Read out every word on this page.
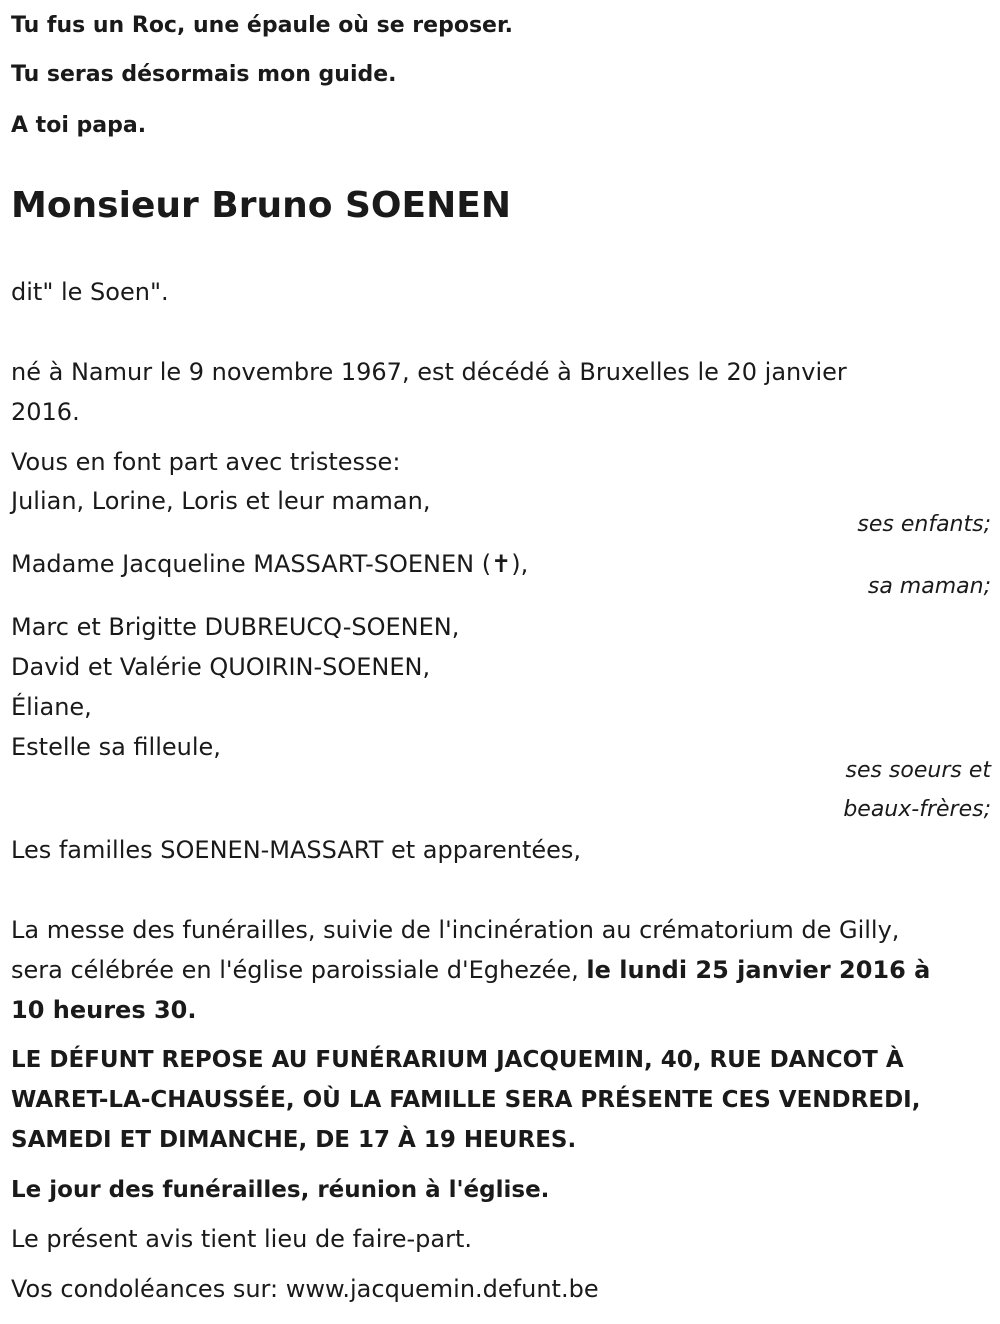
Tu fus un Roc, une épaule où se reposer.

Tu seras désormais mon guide.

A toi papa.

Monsieur Bruno SOENEN

dit" le Soen".

né à Namur le 9 novembre 1967, est décédé à Bruxelles le 20 janvier

2016.

Vous en font part avec tristesse:

Julian, Lorine, Loris et leur maman,

ses enfants;

Madame Jacqueline MASSART-SOENEN (✝),

sa maman;

Marc et Brigitte DUBREUCQ-SOENEN,

David et Valérie QUOIRIN-SOENEN,

Éliane,

Estelle sa filleule,

ses soeurs et

beaux-frères;

Les familles SOENEN-MASSART et apparentées,

La messe des funérailles, suivie de l'incinération au crématorium de Gilly,

sera célébrée en l'église paroissiale d'Eghezée, le lundi 25 janvier 2016 à

10 heures 30.

LE DÉFUNT REPOSE AU FUNÉRARIUM JACQUEMIN, 40, RUE DANCOT À

WARET-LA-CHAUSSÉE, OÙ LA FAMILLE SERA PRÉSENTE CES VENDREDI,

SAMEDI ET DIMANCHE, DE 17 À 19 HEURES.

Le jour des funérailles, réunion à l'église.

Le présent avis tient lieu de faire-part.

Vos condoléances sur: www.jacquemin.defunt.be
